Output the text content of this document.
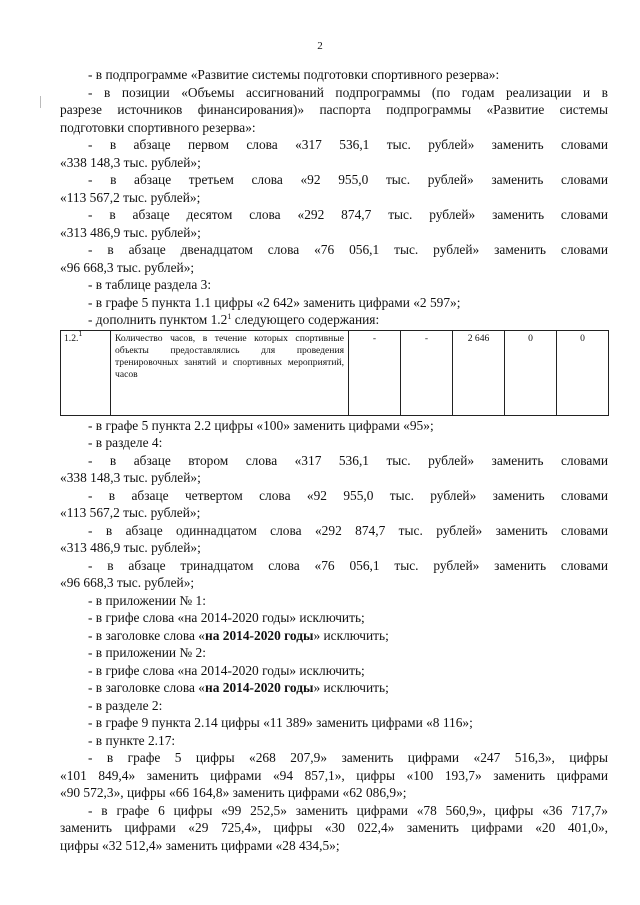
2
- в подпрограмме «Развитие системы подготовки спортивного резерва»:
- в позиции «Объемы ассигнований подпрограммы (по годам реализации и в
разрезе источников финансирования)» паспорта подпрограммы «Развитие системы
подготовки спортивного резерва»:
- в абзаце первом слова «317 536,1 тыс. рублей» заменить словами
«338 148,3 тыс. рублей»;
- в абзаце третьем слова «92 955,0 тыс. рублей» заменить словами
«113 567,2 тыс. рублей»;
- в абзаце десятом слова «292 874,7 тыс. рублей» заменить словами
«313 486,9 тыс. рублей»;
- в абзаце двенадцатом слова «76 056,1 тыс. рублей» заменить словами
«96 668,3 тыс. рублей»;
- в таблице раздела 3:
- в графе 5 пункта 1.1 цифры «2 642» заменить цифрами «2 597»;
- дополнить пунктом $1.2^1$ следующего содержания:
1.2.$^1$	Количество часов, в течение которых спортивные объекты предоставлялись для проведения тренировочных занятий и спортивных мероприятий, часов	-	-	2 646	0	0
- в графе 5 пункта 2.2 цифры «100» заменить цифрами «95»;
- в разделе 4:
- в абзаце втором слова «317 536,1 тыс. рублей» заменить словами
«338 148,3 тыс. рублей»;
- в абзаце четвертом слова «92 955,0 тыс. рублей» заменить словами
«113 567,2 тыс. рублей»;
- в абзаце одиннадцатом слова «292 874,7 тыс. рублей» заменить словами
«313 486,9 тыс. рублей»;
- в абзаце тринадцатом слова «76 056,1 тыс. рублей» заменить словами
«96 668,3 тыс. рублей»;
- в приложении № 1:
- в грифе слова «на 2014-2020 годы» исключить;
- в заголовке слова «на 2014-2020 годы» исключить;
- в приложении № 2:
- в грифе слова «на 2014-2020 годы» исключить;
- в заголовке слова «на 2014-2020 годы» исключить;
- в разделе 2:
- в графе 9 пункта 2.14 цифры «11 389» заменить цифрами «8 116»;
- в пункте 2.17:
- в графе 5 цифры «268 207,9» заменить цифрами «247 516,3», цифры
«101 849,4» заменить цифрами «94 857,1», цифры «100 193,7» заменить цифрами
«90 572,3», цифры «66 164,8» заменить цифрами «62 086,9»;
- в графе 6 цифры «99 252,5» заменить цифрами «78 560,9», цифры «36 717,7»
заменить цифрами «29 725,4», цифры «30 022,4» заменить цифрами «20 401,0»,
цифры «32 512,4» заменить цифрами «28 434,5»;
